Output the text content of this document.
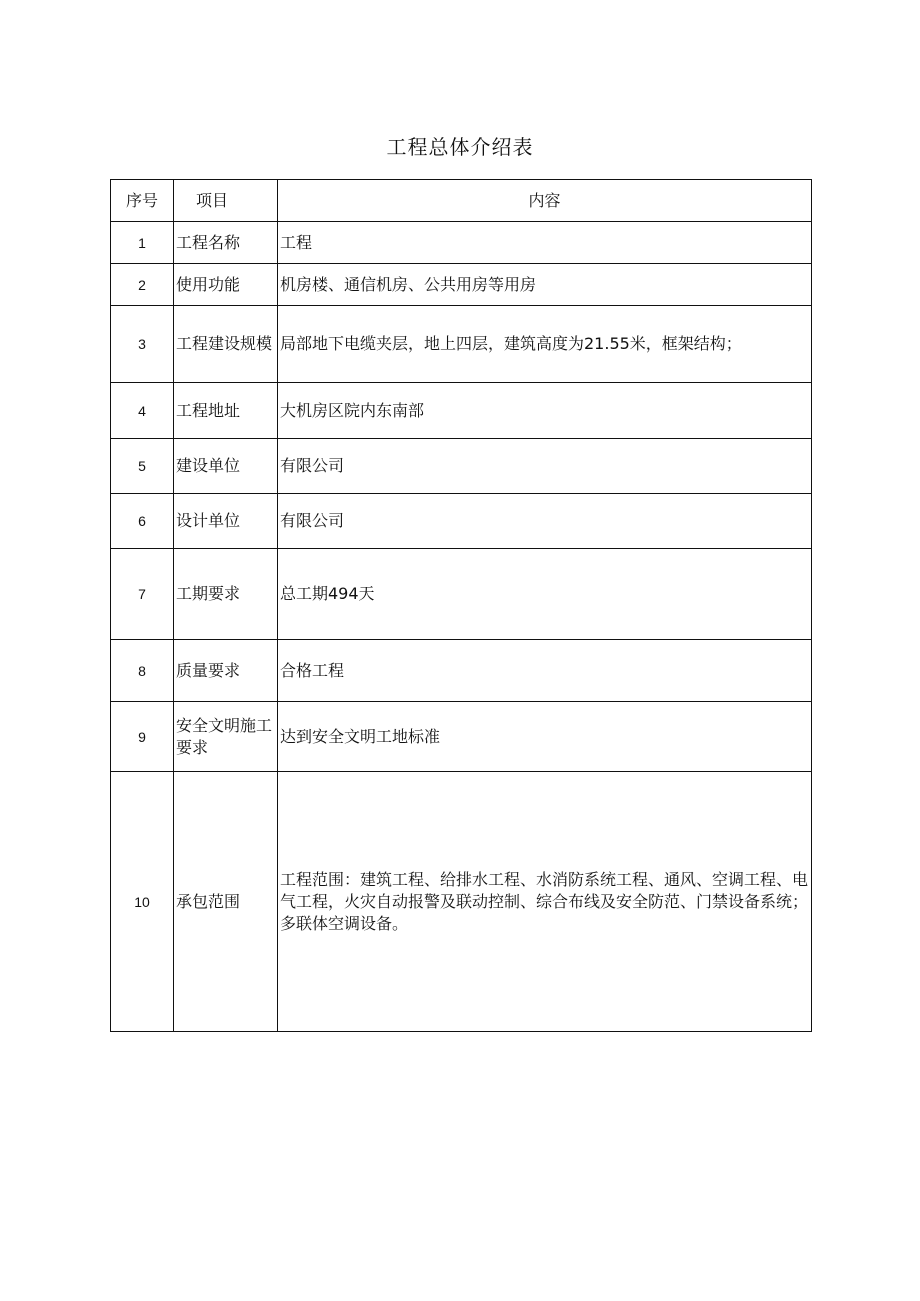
工程总体介绍表
序号	项目	内容
1	工程名称	工程
2	使用功能	机房楼、通信机房、公共用房等用房
3	工程建设规模	局部地下电缆夹层，地上四层，建筑高度为21.55米，框架结构；
4	工程地址	大机房区院内东南部
5	建设单位	有限公司
6	设计单位	有限公司
7	工期要求	总工期494天
8	质量要求	合格工程
9	安全文明施工要求	达到安全文明工地标准
10	承包范围	工程范围：建筑工程、给排水工程、水消防系统工程、通风、空调工程、电气工程，火灾自动报警及联动控制、综合布线及安全防范、门禁设备系统；多联体空调设备。
